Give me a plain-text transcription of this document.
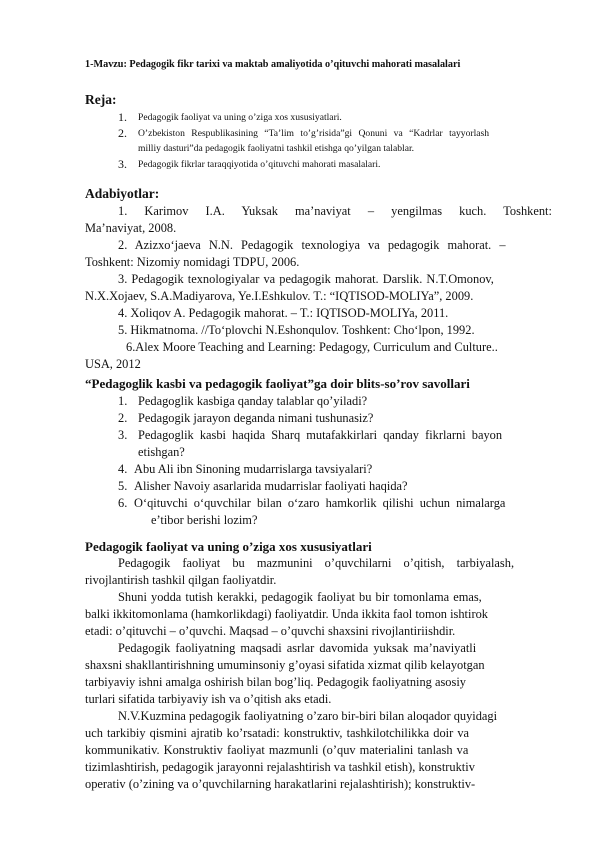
1-Mavzu: Pedagogik fikr tarixi va maktab amaliyotida o’qituvchi mahorati masalalari
Reja:
1. Pedagogik faoliyat va uning o’ziga xos xususiyatlari.
2. O’zbekiston Respublikasining “Ta’lim to’g’risida”gi Qonuni va “Kadrlar tayyorlash
milliy dasturi”da pedagogik faoliyatni tashkil etishga qo’yilgan talablar.
3. Pedagogik fikrlar taraqqiyotida o’qituvchi mahorati masalalari.
Adabiyotlar:
1. Karimov I.A. Yuksak ma’naviyat – yengilmas kuch. Toshkent:
Ma’naviyat, 2008.
2. Azizxo‘jaeva N.N. Pedagogik texnologiya va pedagogik mahorat. –
Toshkent: Nizomiy nomidagi TDPU, 2006.
3. Pedagogik texnologiyalar va pedagogik mahorat. Darslik. N.T.Omonov,
N.X.Xojaev, S.A.Madiyarova, Ye.I.Eshkulov. T.: “IQTISOD-MOLIYa”, 2009.
4. Xoliqov A. Pedagogik mahorat. – T.: IQTISOD-MOLIYa, 2011.
5. Hikmatnoma. //To‘plovchi N.Eshonqulov. Toshkent: Cho‘lpon, 1992.
6.Alex Moore Teaching and Learning: Pedagogy, Curriculum and Culture..
USA, 2012
“Pedagoglik kasbi va pedagogik faoliyat”ga doir blits-so’rov savollari
1. Pedagoglik kasbiga qanday talablar qo’yiladi?
2. Pedagogik jarayon deganda nimani tushunasiz?
3. Pedagoglik kasbi haqida Sharq mutafakkirlari qanday fikrlarni bayon
etishgan?
4. Abu Ali ibn Sinoning mudarrislarga tavsiyalari?
5. Alisher Navoiy asarlarida mudarrislar faoliyati haqida?
6. O‘qituvchi o‘quvchilar bilan o‘zaro hamkorlik qilishi uchun nimalarga
e’tibor berishi lozim?
Pedagogik faoliyat va uning o’ziga xos xususiyatlari
Pedagogik faoliyat bu mazmunini o’quvchilarni o’qitish, tarbiyalash,
rivojlantirish tashkil qilgan faoliyatdir.
Shuni yodda tutish kerakki, pedagogik faoliyat bu bir tomonlama emas,
balki ikkitomonlama (hamkorlikdagi) faoliyatdir. Unda ikkita faol tomon ishtirok
etadi: o’qituvchi – o’quvchi. Maqsad – o’quvchi shaxsini rivojlantiriishdir.
Pedagogik faoliyatning maqsadi asrlar davomida yuksak ma’naviyatli
shaxsni shakllantirishning umuminsoniy g’oyasi sifatida xizmat qilib kelayotgan
tarbiyaviy ishni amalga oshirish bilan bog’liq. Pedagogik faoliyatning asosiy
turlari sifatida tarbiyaviy ish va o’qitish aks etadi.
N.V.Kuzmina pedagogik faoliyatning o’zaro bir-biri bilan aloqador quyidagi
uch tarkibiy qismini ajratib ko’rsatadi: konstruktiv, tashkilotchilikka doir va
kommunikativ. Konstruktiv faoliyat mazmunli (o’quv materialini tanlash va
tizimlashtirish, pedagogik jarayonni rejalashtirish va tashkil etish), konstruktiv
operativ (o’zining va o’quvchilarning harakatlarini rejalashtirish); konstruktiv-
